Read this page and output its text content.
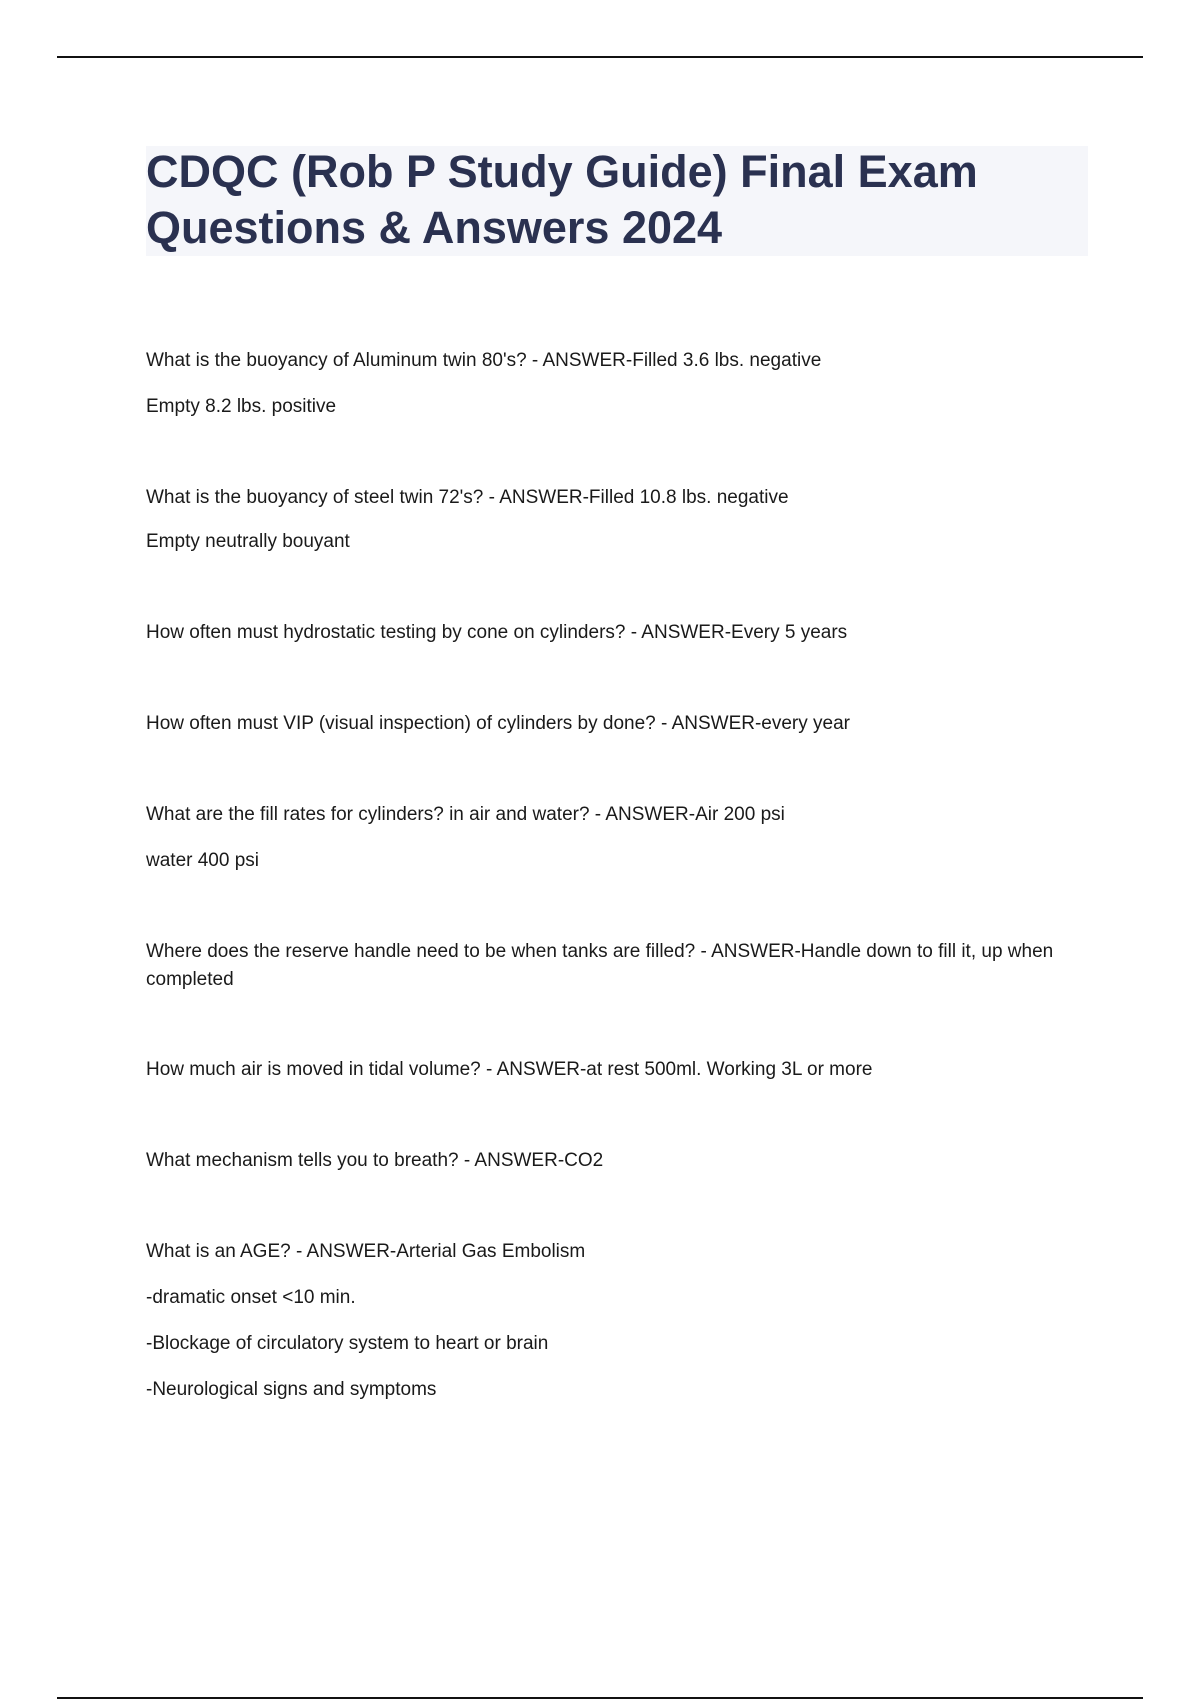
CDQC (Rob P Study Guide) Final Exam
Questions & Answers 2024

What is the buoyancy of Aluminum twin 80's? - ANSWER-Filled 3.6 lbs. negative

Empty 8.2 lbs. positive

What is the buoyancy of steel twin 72's? - ANSWER-Filled 10.8 lbs. negative

Empty neutrally bouyant

How often must hydrostatic testing by cone on cylinders? - ANSWER-Every 5 years

How often must VIP (visual inspection) of cylinders by done? - ANSWER-every year

What are the fill rates for cylinders? in air and water? - ANSWER-Air 200 psi

water 400 psi

Where does the reserve handle need to be when tanks are filled? - ANSWER-Handle down to fill it, up when completed

How much air is moved in tidal volume? - ANSWER-at rest 500ml. Working 3L or more

What mechanism tells you to breath? - ANSWER-CO2

What is an AGE? - ANSWER-Arterial Gas Embolism

-dramatic onset <10 min.

-Blockage of circulatory system to heart or brain

-Neurological signs and symptoms
